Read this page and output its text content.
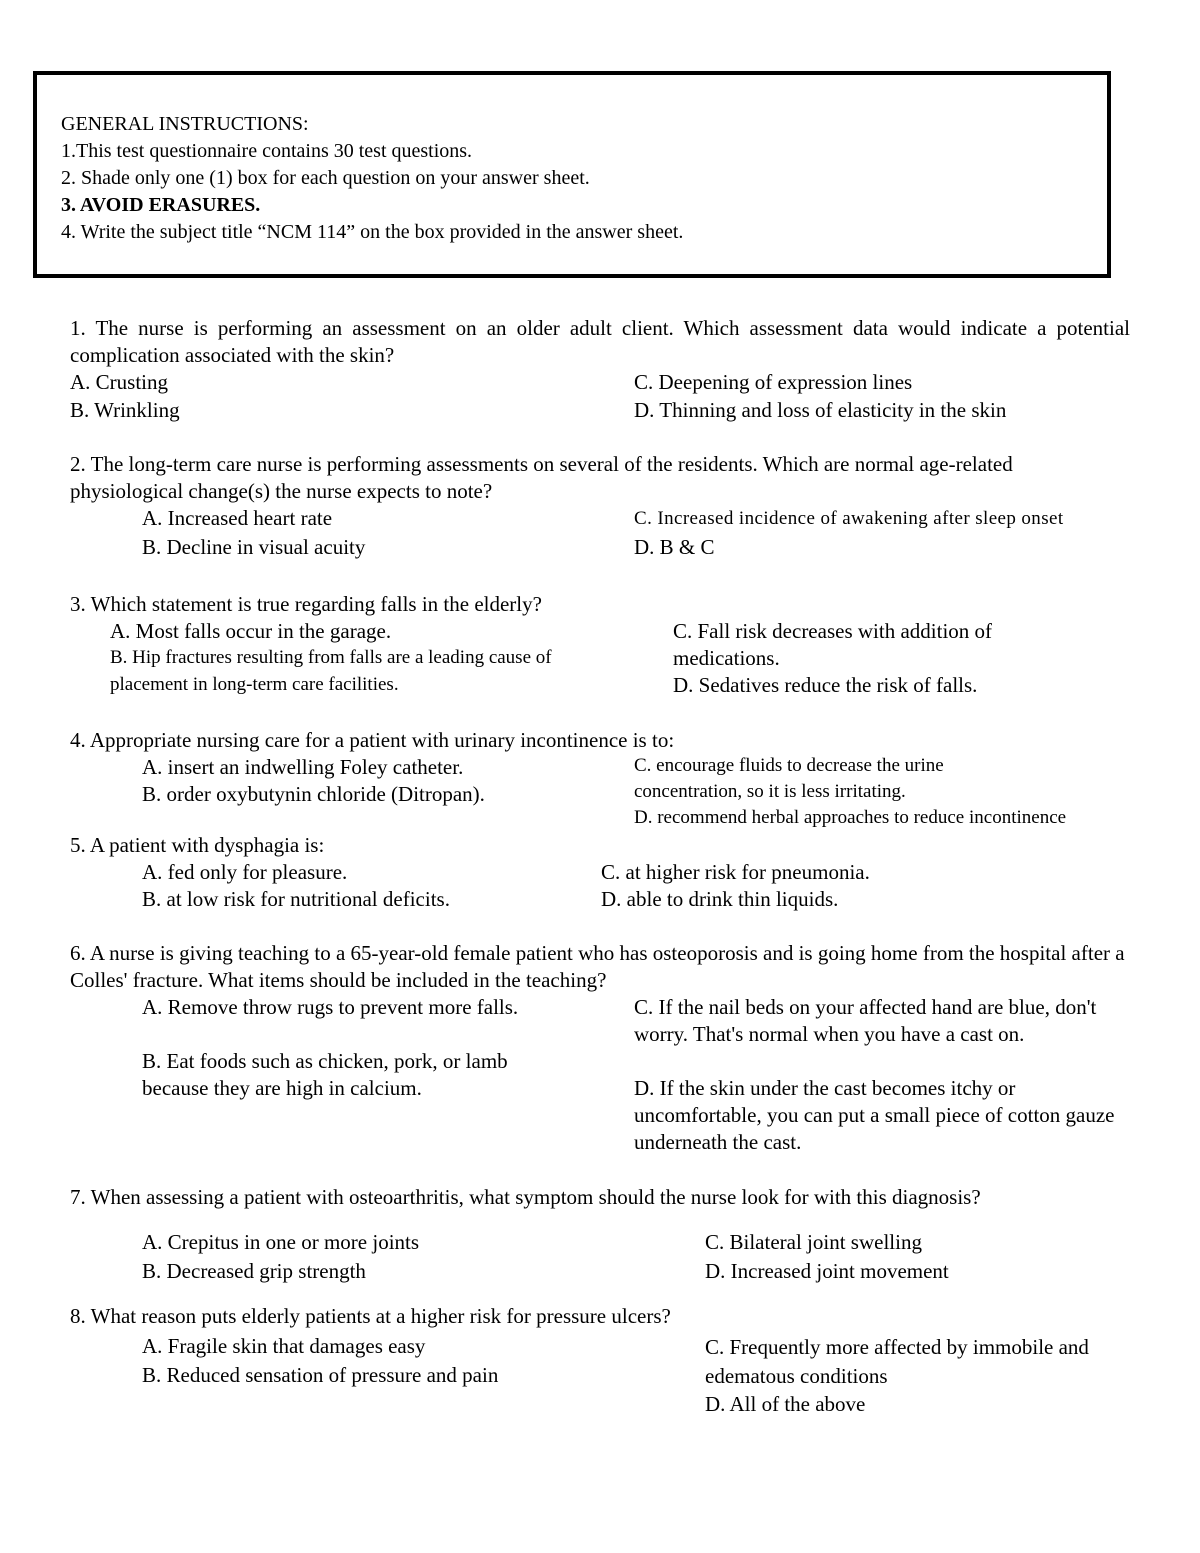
GENERAL INSTRUCTIONS:
1.This test questionnaire contains 30 test questions.
2. Shade only one (1) box for each question on your answer sheet.
3. AVOID ERASURES.
4. Write the subject title “NCM 114” on the box provided in the answer sheet.
1. The nurse is performing an assessment on an older adult client. Which assessment data would indicate a potential complication associated with the skin?
A. Crusting
B. Wrinkling
C. Deepening of expression lines
D. Thinning and loss of elasticity in the skin
2. The long-term care nurse is performing assessments on several of the residents. Which are normal age-related physiological change(s) the nurse expects to note?
A. Increased heart rate
B. Decline in visual acuity
C. Increased incidence of awakening after sleep onset
D. B & C
3. Which statement is true regarding falls in the elderly?
A. Most falls occur in the garage.
B. Hip fractures resulting from falls are a leading cause of placement in long-term care facilities.
C. Fall risk decreases with addition of medications.
D. Sedatives reduce the risk of falls.
4. Appropriate nursing care for a patient with urinary incontinence is to:
A. insert an indwelling Foley catheter.
B. order oxybutynin chloride (Ditropan).
C. encourage fluids to decrease the urine concentration, so it is less irritating.
D. recommend herbal approaches to reduce incontinence
5. A patient with dysphagia is:
A. fed only for pleasure.
B. at low risk for nutritional deficits.
C. at higher risk for pneumonia.
D. able to drink thin liquids.
6. A nurse is giving teaching to a 65-year-old female patient who has osteoporosis and is going home from the hospital after a Colles' fracture. What items should be included in the teaching?
A. Remove throw rugs to prevent more falls.
B. Eat foods such as chicken, pork, or lamb because they are high in calcium.
C. If the nail beds on your affected hand are blue, don't worry. That's normal when you have a cast on.
D. If the skin under the cast becomes itchy or uncomfortable, you can put a small piece of cotton gauze underneath the cast.
7. When assessing a patient with osteoarthritis, what symptom should the nurse look for with this diagnosis?
A. Crepitus in one or more joints
B. Decreased grip strength
C. Bilateral joint swelling
D. Increased joint movement
8. What reason puts elderly patients at a higher risk for pressure ulcers?
A. Fragile skin that damages easy
B. Reduced sensation of pressure and pain
C. Frequently more affected by immobile and edematous conditions
D. All of the above
